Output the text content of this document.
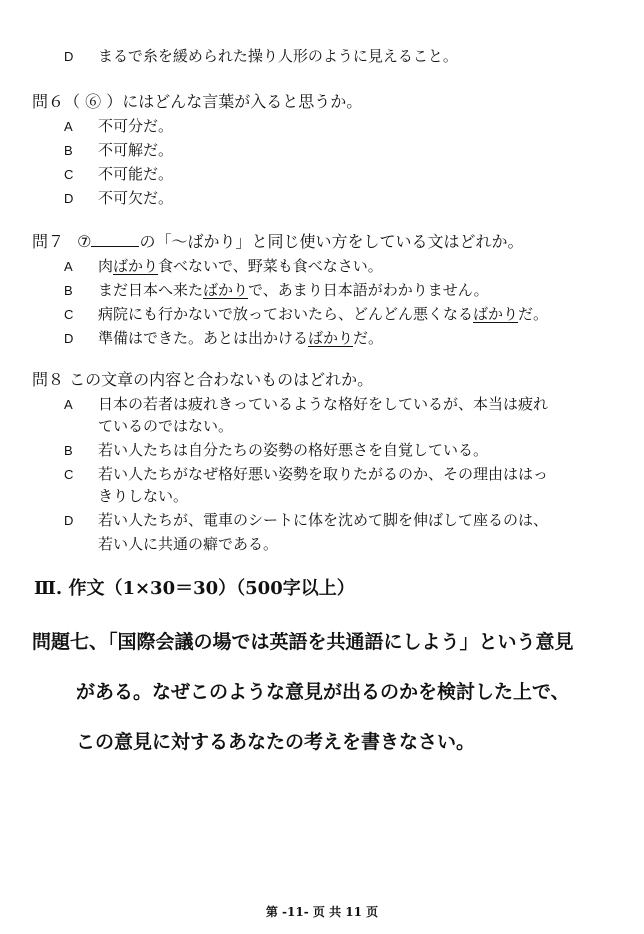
D まるで糸を緩められた操り人形のように見えること。
問６（ ⑥ ）にはどんな言葉が入ると思うか。
A 不可分だ。
B 不可解だ。
C 不可能だ。
D 不可欠だ。
問７ ⑦	の「～ばかり」と同じ使い方をしている文はどれか。
A 肉ばかり食べないで、野菜も食べなさい。
B まだ日本へ来たばかりで、あまり日本語がわかりません。
C 病院にも行かないで放っておいたら、どんどん悪くなるばかりだ。
D 準備はできた。あとは出かけるばかりだ。
問８ この文章の内容と合わないものはどれか。
A 日本の若者は疲れきっているような格好をしているが、本当は疲れ
ているのではない。
B 若い人たちは自分たちの姿勢の格好悪さを自覚している。
C 若い人たちがなぜ格好悪い姿勢を取りたがるのか、その理由ははっ
きりしない。
D 若い人たちが、電車のシートに体を沈めて脚を伸ばして座るのは、
若い人に共通の癖である。
Ⅲ. 作文（1×30＝30）（500字以上）
問題七、「国際会議の場では英語を共通語にしよう」という意見
がある。なぜこのような意見が出るのかを検討した上で、
この意見に対するあなたの考えを書きなさい。
第 -11- 页 共 11 页
